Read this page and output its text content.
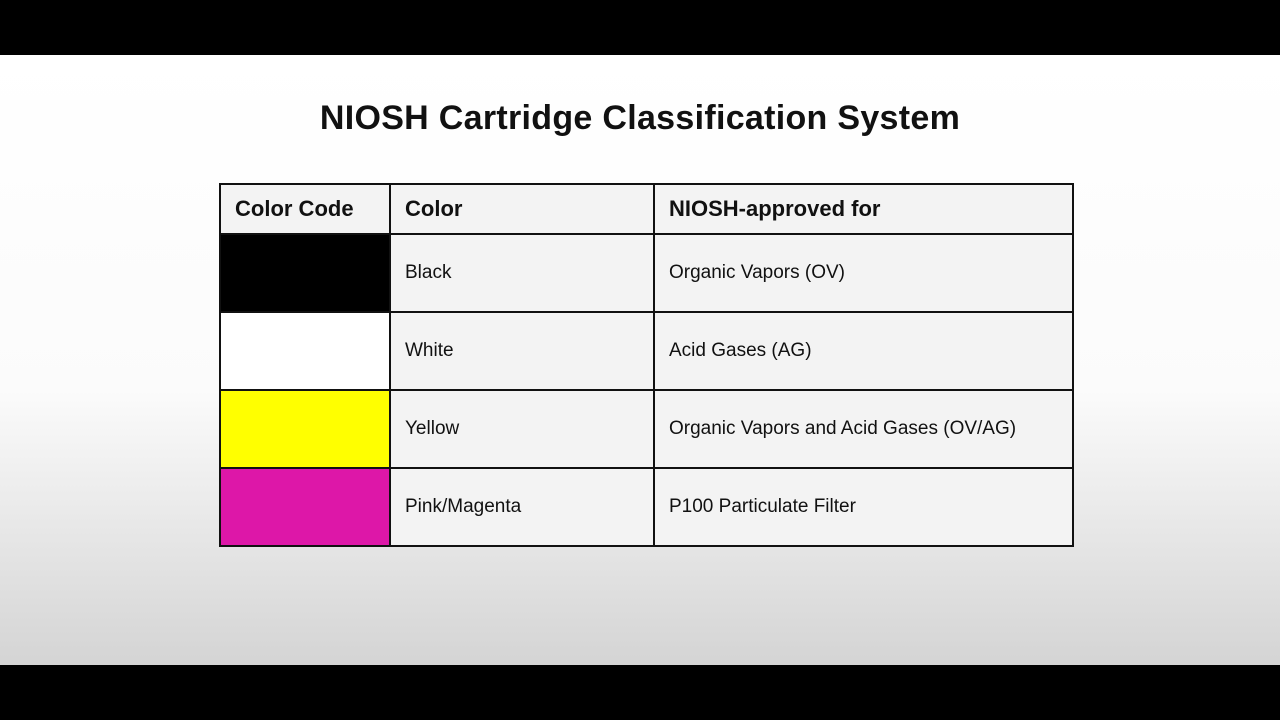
NIOSH Cartridge Classification System
Color Code	Color	NIOSH-approved for
	Black	Organic Vapors (OV)
	White	Acid Gases (AG)
	Yellow	Organic Vapors and Acid Gases (OV/AG)
	Pink/Magenta	P100 Particulate Filter
